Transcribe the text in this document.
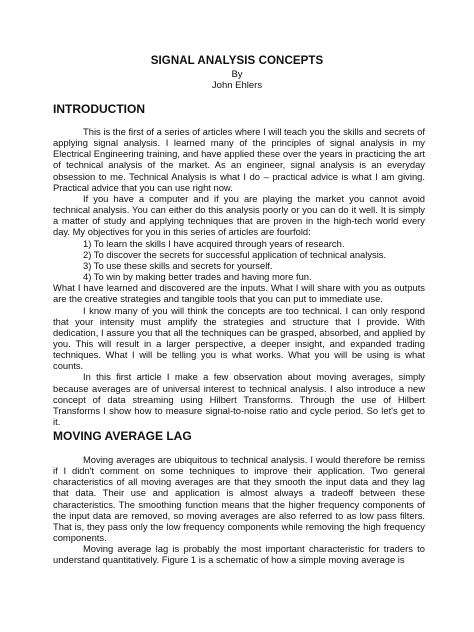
SIGNAL ANALYSIS CONCEPTS
By
John Ehlers
INTRODUCTION

This is the first of a series of articles where I will teach you the skills and secrets of applying signal analysis. I learned many of the principles of signal analysis in my Electrical Engineering training, and have applied these over the years in practicing the art of technical analysis of the market. As an engineer, signal analysis is an everyday obsession to me. Technical Analysis is what I do – practical advice is what I am giving. Practical advice that you can use right now.

If you have a computer and if you are playing the market you cannot avoid technical analysis. You can either do this analysis poorly or you can do it well. It is simply a matter of study and applying techniques that are proven in the high-tech world every day. My objectives for you in this series of articles are fourfold:

1) To learn the skills I have acquired through years of research.
2) To discover the secrets for successful application of technical analysis.
3) To use these skills and secrets for yourself.
4) To win by making better trades and having more fun.

What I have learned and discovered are the inputs. What I will share with you as outputs are the creative strategies and tangible tools that you can put to immediate use.

I know many of you will think the concepts are too technical. I can only respond that your intensity must amplify the strategies and structure that I provide. With dedication, I assure you that all the techniques can be grasped, absorbed, and applied by you. This will result in a larger perspective, a deeper insight, and expanded trading techniques. What I will be telling you is what works. What you will be using is what counts.

In this first article I make a few observation about moving averages, simply because averages are of universal interest to technical analysis. I also introduce a new concept of data streaming using Hilbert Transforms. Through the use of Hilbert Transforms I show how to measure signal-to-noise ratio and cycle period. So let's get to it.

MOVING AVERAGE LAG

Moving averages are ubiquitous to technical analysis. I would therefore be remiss if I didn't comment on some techniques to improve their application. Two general characteristics of all moving averages are that they smooth the input data and they lag that data. Their use and application is almost always a tradeoff between these characteristics. The smoothing function means that the higher frequency components of the input data are removed, so moving averages are also referred to as low pass filters. That is, they pass only the low frequency components while removing the high frequency components.

Moving average lag is probably the most important characteristic for traders to understand quantitatively. Figure 1 is a schematic of how a simple moving average is
